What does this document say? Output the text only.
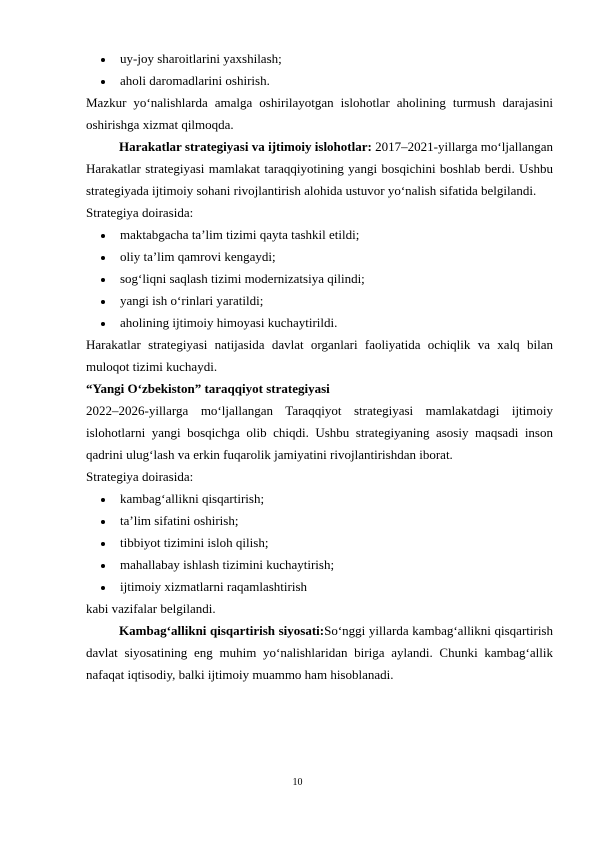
uy-joy sharoitlarini yaxshilash;
aholi daromadlarini oshirish.

Mazkur yo‘nalishlarda amalga oshirilayotgan islohotlar aholining turmush darajasini oshirishga xizmat qilmoqda.

Harakatlar strategiyasi va ijtimoiy islohotlar: 2017–2021-yillarga mo‘ljallangan Harakatlar strategiyasi mamlakat taraqqiyotining yangi bosqichini boshlab berdi. Ushbu strategiyada ijtimoiy sohani rivojlantirish alohida ustuvor yo‘nalish sifatida belgilandi.

Strategiya doirasida:

maktabgacha ta’lim tizimi qayta tashkil etildi;
oliy ta’lim qamrovi kengaydi;
sog‘liqni saqlash tizimi modernizatsiya qilindi;
yangi ish o‘rinlari yaratildi;
aholining ijtimoiy himoyasi kuchaytirildi.

Harakatlar strategiyasi natijasida davlat organlari faoliyatida ochiqlik va xalq bilan muloqot tizimi kuchaydi.

“Yangi O‘zbekiston” taraqqiyot strategiyasi

2022–2026-yillarga mo‘ljallangan Taraqqiyot strategiyasi mamlakatdagi ijtimoiy islohotlarni yangi bosqichga olib chiqdi. Ushbu strategiyaning asosiy maqsadi inson qadrini ulug‘lash va erkin fuqarolik jamiyatini rivojlantirishdan iborat.

Strategiya doirasida:

kambag‘allikni qisqartirish;
ta’lim sifatini oshirish;
tibbiyot tizimini isloh qilish;
mahallabay ishlash tizimini kuchaytirish;
ijtimoiy xizmatlarni raqamlashtirish

kabi vazifalar belgilandi.

Kambag‘allikni qisqartirish siyosati:So‘nggi yillarda kambag‘allikni qisqartirish davlat siyosatining eng muhim yo‘nalishlaridan biriga aylandi. Chunki kambag‘allik nafaqat iqtisodiy, balki ijtimoiy muammo ham hisoblanadi.

10
